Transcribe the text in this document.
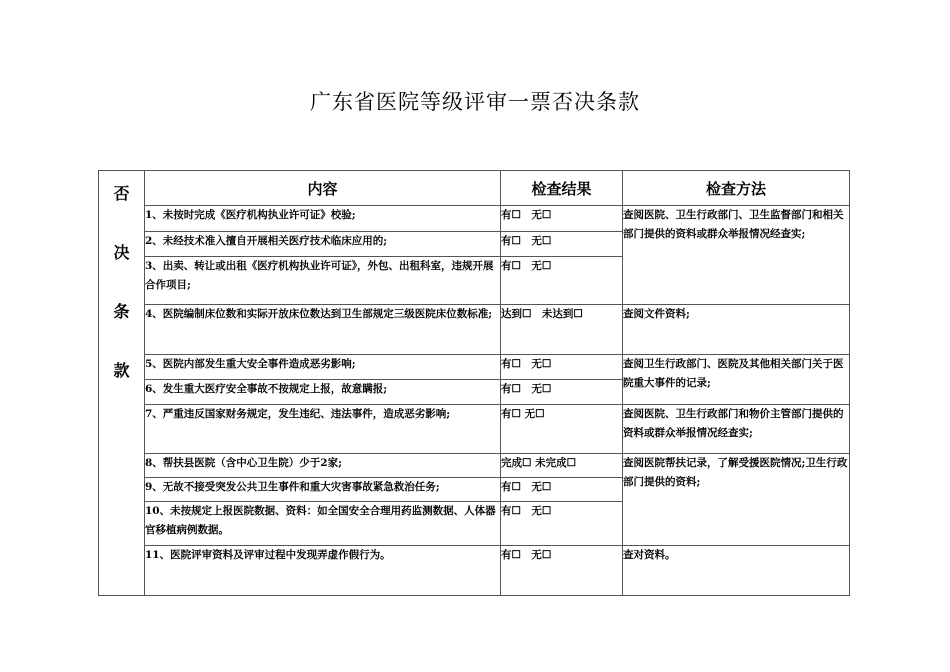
广东省医院等级评审一票否决条款
否
决
条
款	内容	检查结果	检查方法
	1、未按时完成《医疗机构执业许可证》校验;	有☐　无☐	查阅医院、卫生行政部门、卫生监督部门和相关部门提供的资料或群众举报情况经查实;
	2、未经技术准入擅自开展相关医疗技术临床应用的;	有☐　无☐	
	3、出卖、转让或出租《医疗机构执业许可证》，外包、出租科室，违规开展合作项目;	有☐　无☐	
	4、医院编制床位数和实际开放床位数达到卫生部规定三级医院床位数标准;	达到☐　未达到☐	查阅文件资料;
	5、医院内部发生重大安全事件造成恶劣影响;	有☐　无☐	查阅卫生行政部门、医院及其他相关部门关于医院重大事件的记录;
	6、发生重大医疗安全事故不按规定上报，故意瞒报;	有☐　无☐	
	7、严重违反国家财务规定，发生违纪、违法事件，造成恶劣影响;	有☐ 无☐	查阅医院、卫生行政部门和物价主管部门提供的资料或群众举报情况经查实;
	8、帮扶县医院（含中心卫生院）少于2家;	完成☐ 未完成☐	查阅医院帮扶记录，了解受援医院情况;卫生行政部门提供的资料;
	9、无故不接受突发公共卫生事件和重大灾害事故紧急救治任务;	有☐　无☐	
	10、未按规定上报医院数据、资料：如全国安全合理用药监测数据、人体器官移植病例数据。	有☐　无☐	
	11、医院评审资料及评审过程中发现弄虚作假行为。	有☐　无☐	查对资料。
